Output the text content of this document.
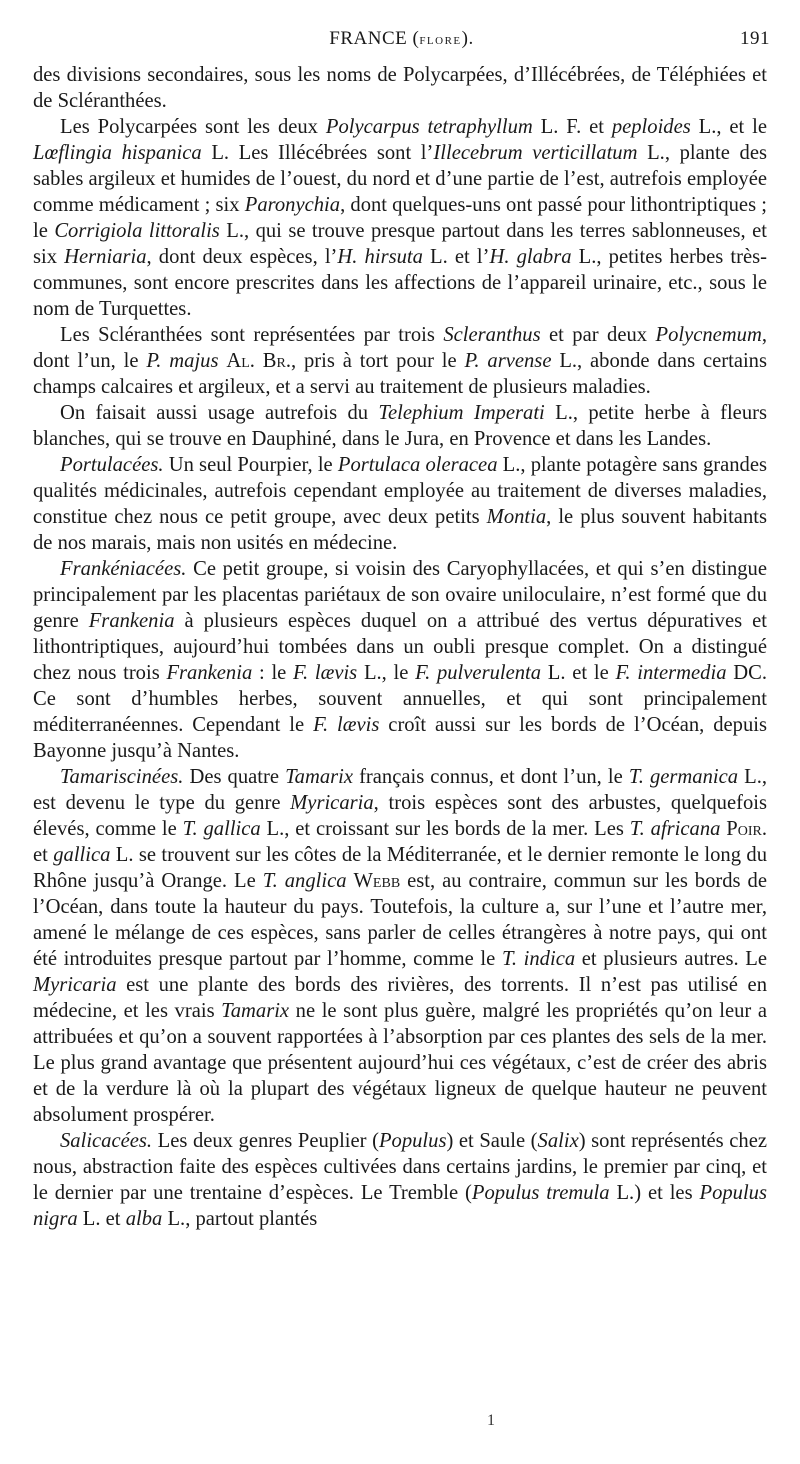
FRANCE (flore).	191

des divisions secondaires, sous les noms de Polycarpées, d’Illécébrées, de Téléphiées et de Scléranthées.

Les Polycarpées sont les deux Polycarpus tetraphyllum L. F. et peploides L., et le Lœflingia hispanica L. Les Illécébrées sont l’Illecebrum verticillatum L., plante des sables argileux et humides de l’ouest, du nord et d’une partie de l’est, autrefois employée comme médicament ; six Paronychia, dont quelques-uns ont passé pour lithontriptiques ; le Corrigiola littoralis L., qui se trouve presque partout dans les terres sablonneuses, et six Herniaria, dont deux espèces, l’H. hirsuta L. et l’H. glabra L., petites herbes très-communes, sont encore prescrites dans les affections de l’appareil urinaire, etc., sous le nom de Turquettes.

Les Scléranthées sont représentées par trois Scleranthus et par deux Polycnemum, dont l’un, le P. majus Al. Br., pris à tort pour le P. arvense L., abonde dans certains champs calcaires et argileux, et a servi au traitement de plusieurs maladies.

On faisait aussi usage autrefois du Telephium Imperati L., petite herbe à fleurs blanches, qui se trouve en Dauphiné, dans le Jura, en Provence et dans les Landes.

Portulacées. Un seul Pourpier, le Portulaca oleracea L., plante potagère sans grandes qualités médicinales, autrefois cependant employée au traitement de diverses maladies, constitue chez nous ce petit groupe, avec deux petits Montia, le plus souvent habitants de nos marais, mais non usités en médecine.

Frankéniacées. Ce petit groupe, si voisin des Caryophyllacées, et qui s’en distingue principalement par les placentas pariétaux de son ovaire uniloculaire, n’est formé que du genre Frankenia à plusieurs espèces duquel on a attribué des vertus dépuratives et lithontriptiques, aujourd’hui tombées dans un oubli presque complet. On a distingué chez nous trois Frankenia : le F. lævis L., le F. pulverulenta L. et le F. intermedia DC. Ce sont d’humbles herbes, souvent annuelles, et qui sont principalement méditerranéennes. Cependant le F. lævis croît aussi sur les bords de l’Océan, depuis Bayonne jusqu’à Nantes.

Tamariscinées. Des quatre Tamarix français connus, et dont l’un, le T. germanica L., est devenu le type du genre Myricaria, trois espèces sont des arbustes, quelquefois élevés, comme le T. gallica L., et croissant sur les bords de la mer. Les T. africana Poir. et gallica L. se trouvent sur les côtes de la Méditerranée, et le dernier remonte le long du Rhône jusqu’à Orange. Le T. anglica Webb est, au contraire, commun sur les bords de l’Océan, dans toute la hauteur du pays. Toutefois, la culture a, sur l’une et l’autre mer, amené le mélange de ces espèces, sans parler de celles étrangères à notre pays, qui ont été introduites presque partout par l’homme, comme le T. indica et plusieurs autres. Le Myricaria est une plante des bords des rivières, des torrents. Il n’est pas utilisé en médecine, et les vrais Tamarix ne le sont plus guère, malgré les propriétés qu’on leur a attribuées et qu’on a souvent rapportées à l’absorption par ces plantes des sels de la mer. Le plus grand avantage que présentent aujourd’hui ces végétaux, c’est de créer des abris et de la verdure là où la plupart des végétaux ligneux de quelque hauteur ne peuvent absolument prospérer.

Salicacées. Les deux genres Peuplier (Populus) et Saule (Salix) sont représentés chez nous, abstraction faite des espèces cultivées dans certains jardins, le premier par cinq, et le dernier par une trentaine d’espèces. Le Tremble (Populus tremula L.) et les Populus nigra L. et alba L., partout plantés

1
